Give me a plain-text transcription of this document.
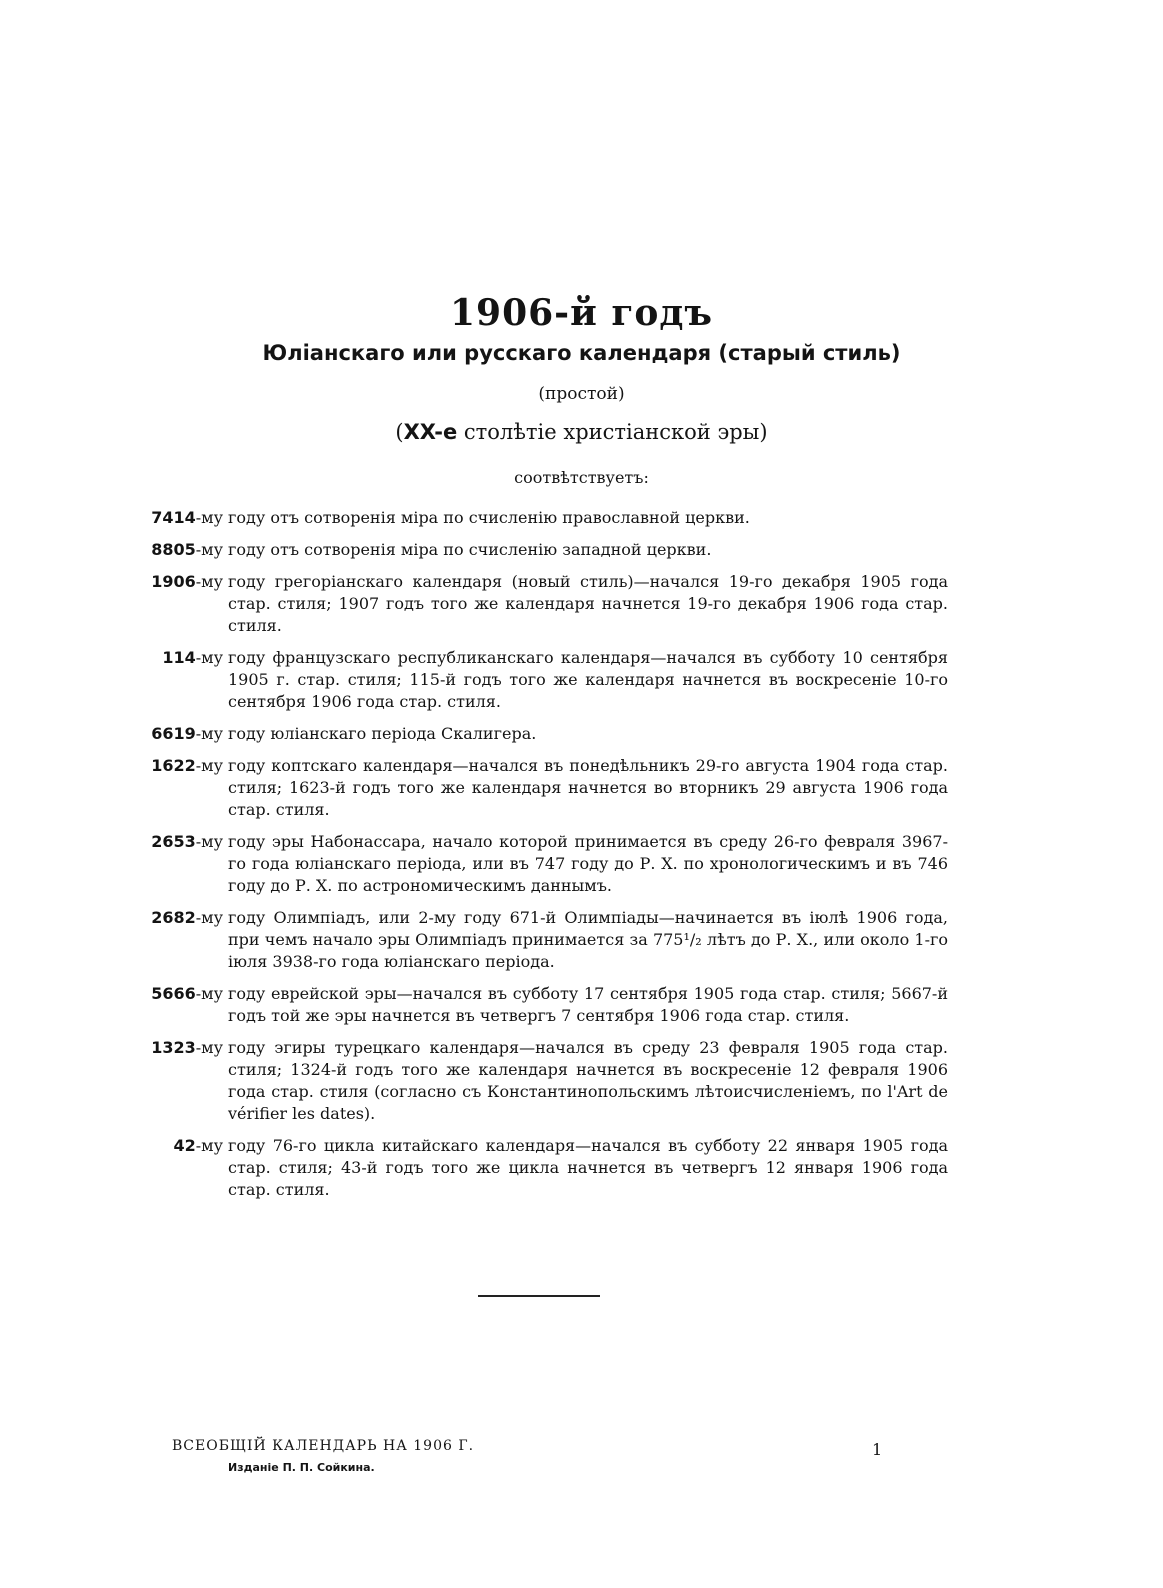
1906-й годъ
Юліанскаго или русскаго календаря (старый стиль)
(простой)
(XX-е столѣтіе христіанской эры)
соотвѣтствуетъ:
7414-му году отъ сотворенія міра по счисленію православной церкви.
8805-му году отъ сотворенія міра по счисленію западной церкви.
1906-му году грегоріанскаго календаря (новый стиль)—начался 19-го декабря 1905 года стар. стиля; 1907 годъ того же календаря начнется 19-го декабря 1906 года стар. стиля.
114-му году французскаго республиканскаго календаря—начался въ субботу 10 сентября 1905 г. стар. стиля; 115-й годъ того же календаря начнется въ воскресеніе 10-го сентября 1906 года стар. стиля.
6619-му году юліанскаго періода Скалигера.
1622-му году коптскаго календаря—начался въ понедѣльникъ 29-го августа 1904 года стар. стиля; 1623-й годъ того же календаря начнется во вторникъ 29 августа 1906 года стар. стиля.
2653-му году эры Набонассара, начало которой принимается въ среду 26-го февраля 3967-го года юліанскаго періода, или въ 747 году до Р. Х. по хронологическимъ и въ 746 году до Р. Х. по астрономическимъ даннымъ.
2682-му году Олимпіадъ, или 2-му году 671-й Олимпіады—начинается въ іюлѣ 1906 года, при чемъ начало эры Олимпіадъ принимается за 775¹/₂ лѣтъ до Р. Х., или около 1-го іюля 3938-го года юліанскаго періода.
5666-му году еврейской эры—начался въ субботу 17 сентября 1905 года стар. стиля; 5667-й годъ той же эры начнется въ четвергъ 7 сентября 1906 года стар. стиля.
1323-му году эгиры турецкаго календаря—начался въ среду 23 февраля 1905 года стар. стиля; 1324-й годъ того же календаря начнется въ воскресеніе 12 февраля 1906 года стар. стиля (согласно съ Константинопольскимъ лѣтоисчисленіемъ, по l'Art de vérifier les dates).
42-му году 76-го цикла китайскаго календаря—начался въ субботу 22 января 1905 года стар. стиля; 43-й годъ того же цикла начнется въ четвергъ 12 января 1906 года стар. стиля.
ВСЕОБЩІЙ КАЛЕНДАРЬ НА 1906 Г.
Изданіе П. П. Сойкина.
1
